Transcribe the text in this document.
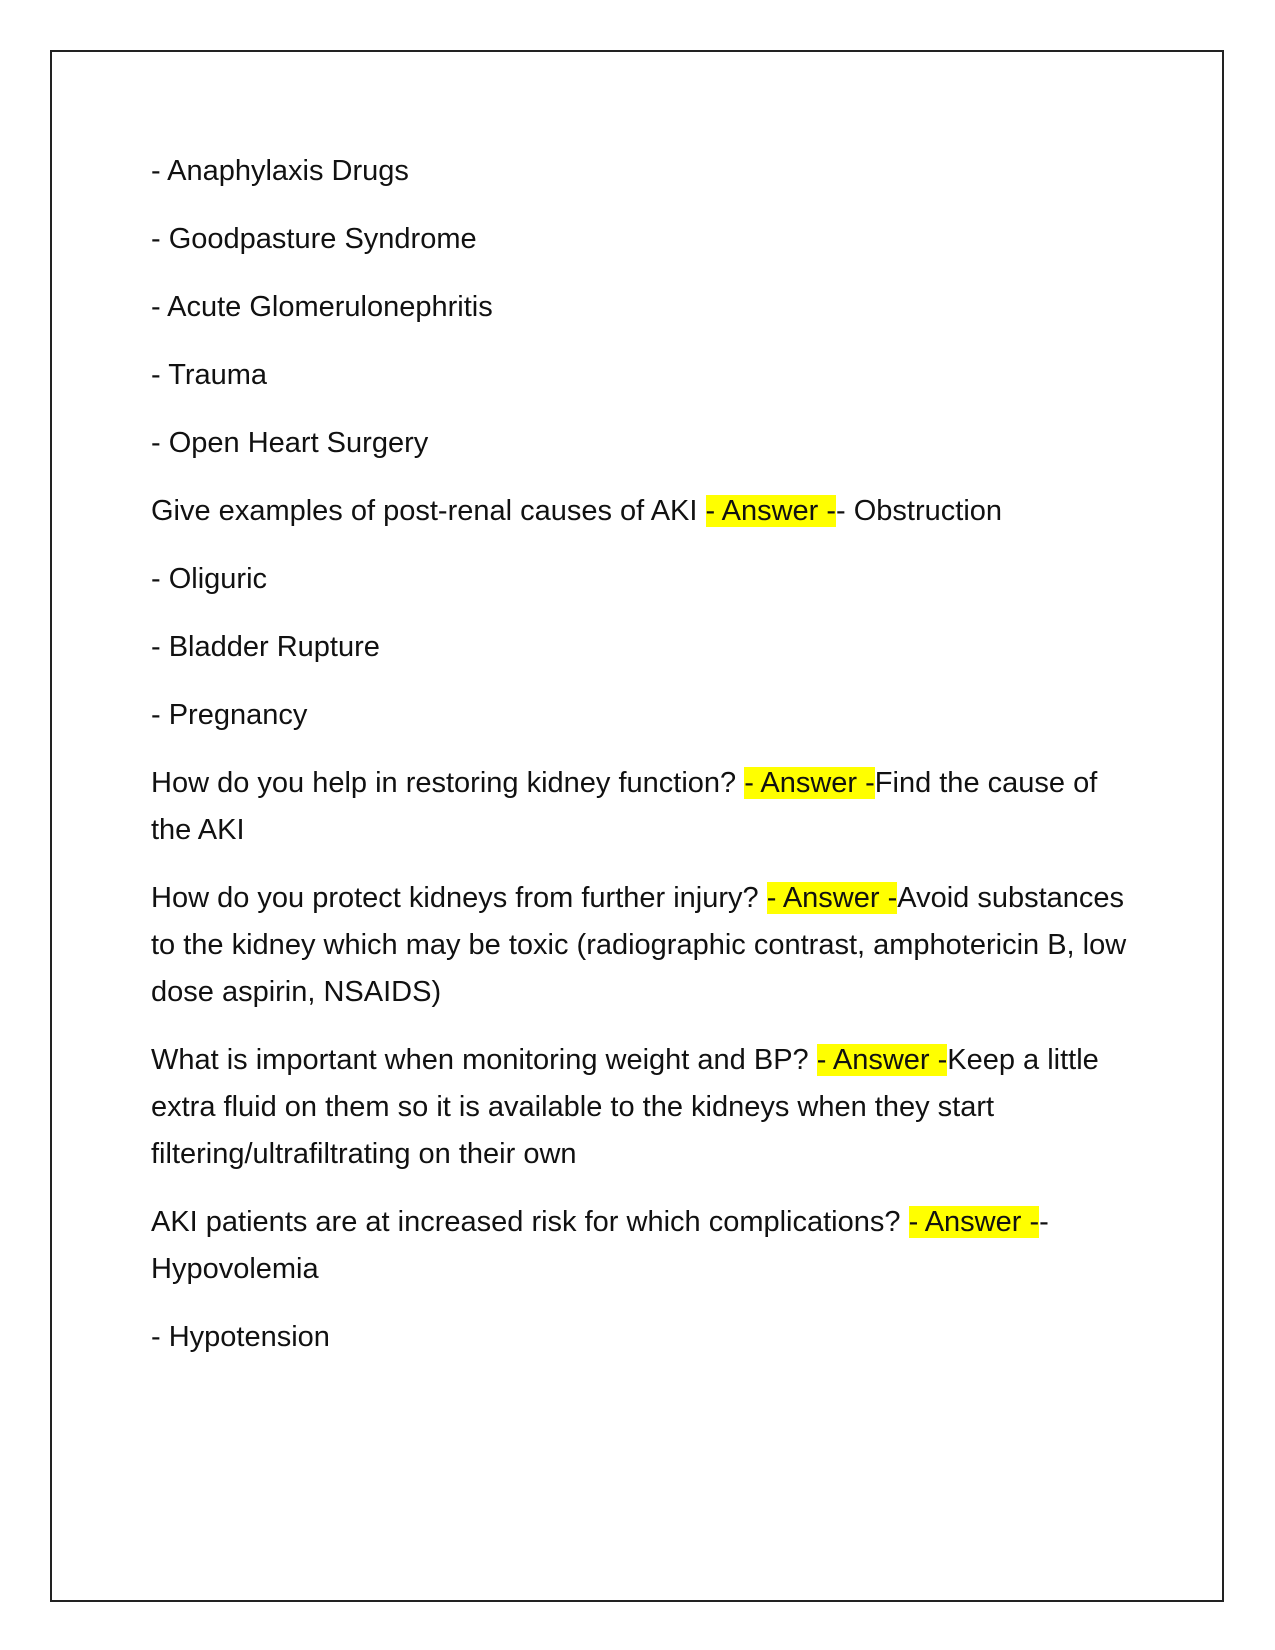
- Anaphylaxis Drugs

- Goodpasture Syndrome

- Acute Glomerulonephritis

- Trauma

- Open Heart Surgery

Give examples of post-renal causes of AKI - Answer -- Obstruction

- Oliguric

- Bladder Rupture

- Pregnancy

How do you help in restoring kidney function? - Answer -Find the cause of the AKI

How do you protect kidneys from further injury? - Answer -Avoid substances to the kidney which may be toxic (radiographic contrast, amphotericin B, low dose aspirin, NSAIDS)

What is important when monitoring weight and BP? - Answer -Keep a little extra fluid on them so it is available to the kidneys when they start filtering/ultrafiltrating on their own

AKI patients are at increased risk for which complications? - Answer -- Hypovolemia

- Hypotension
